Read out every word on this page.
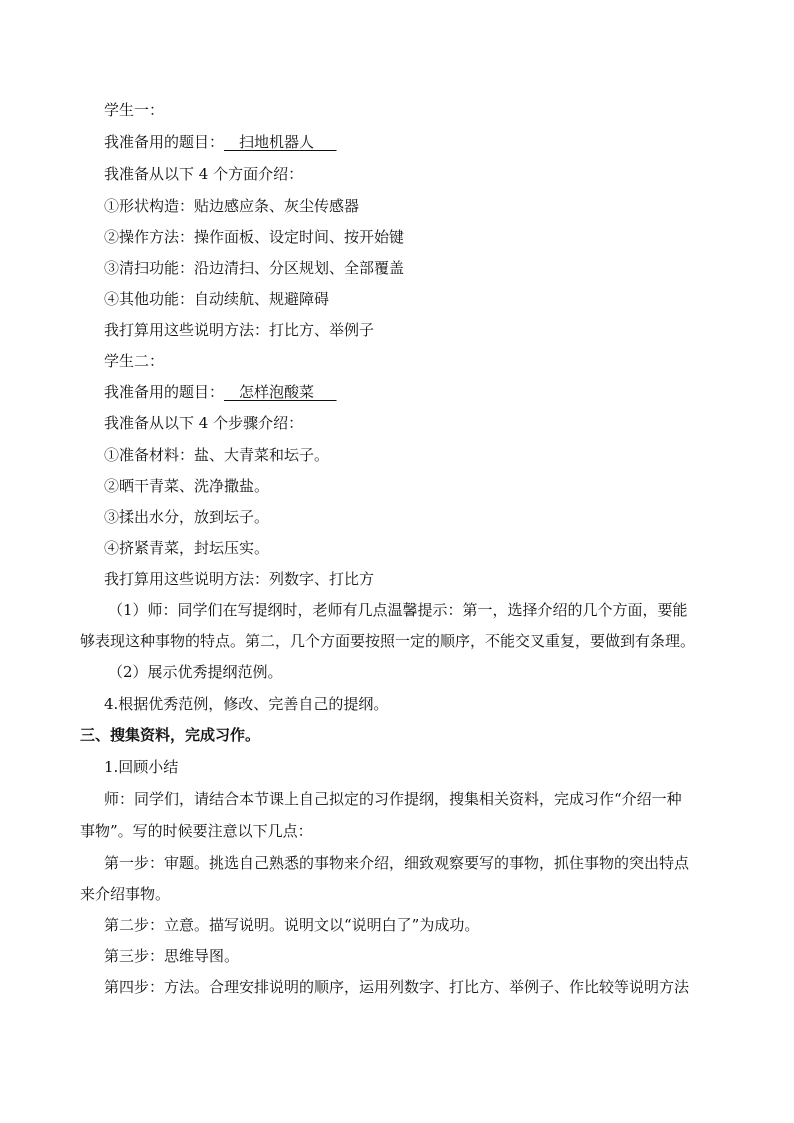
学生一：
我准备用的题目：__扫地机器人___
我准备从以下 4 个方面介绍：
①形状构造：贴边感应条、灰尘传感器
②操作方法：操作面板、设定时间、按开始键
③清扫功能：沿边清扫、分区规划、全部覆盖
④其他功能：自动续航、规避障碍
我打算用这些说明方法：打比方、举例子
学生二：
我准备用的题目：__怎样泡酸菜___
我准备从以下 4 个步骤介绍：
①准备材料：盐、大青菜和坛子。
②晒干青菜、洗净撒盐。
③揉出水分，放到坛子。
④挤紧青菜，封坛压实。
我打算用这些说明方法：列数字、打比方
（1）师：同学们在写提纲时，老师有几点温馨提示：第一，选择介绍的几个方面，要能
够表现这种事物的特点。第二，几个方面要按照一定的顺序，不能交叉重复，要做到有条理。
（2）展示优秀提纲范例。
4.根据优秀范例，修改、完善自己的提纲。
三、搜集资料，完成习作。
1.回顾小结
师：同学们，请结合本节课上自己拟定的习作提纲，搜集相关资料，完成习作“介绍一种
事物”。写的时候要注意以下几点：
第一步：审题。挑选自己熟悉的事物来介绍，细致观察要写的事物，抓住事物的突出特点
来介绍事物。
第二步：立意。描写说明。说明文以“说明白了”为成功。
第三步：思维导图。
第四步：方法。合理安排说明的顺序，运用列数字、打比方、举例子、作比较等说明方法
